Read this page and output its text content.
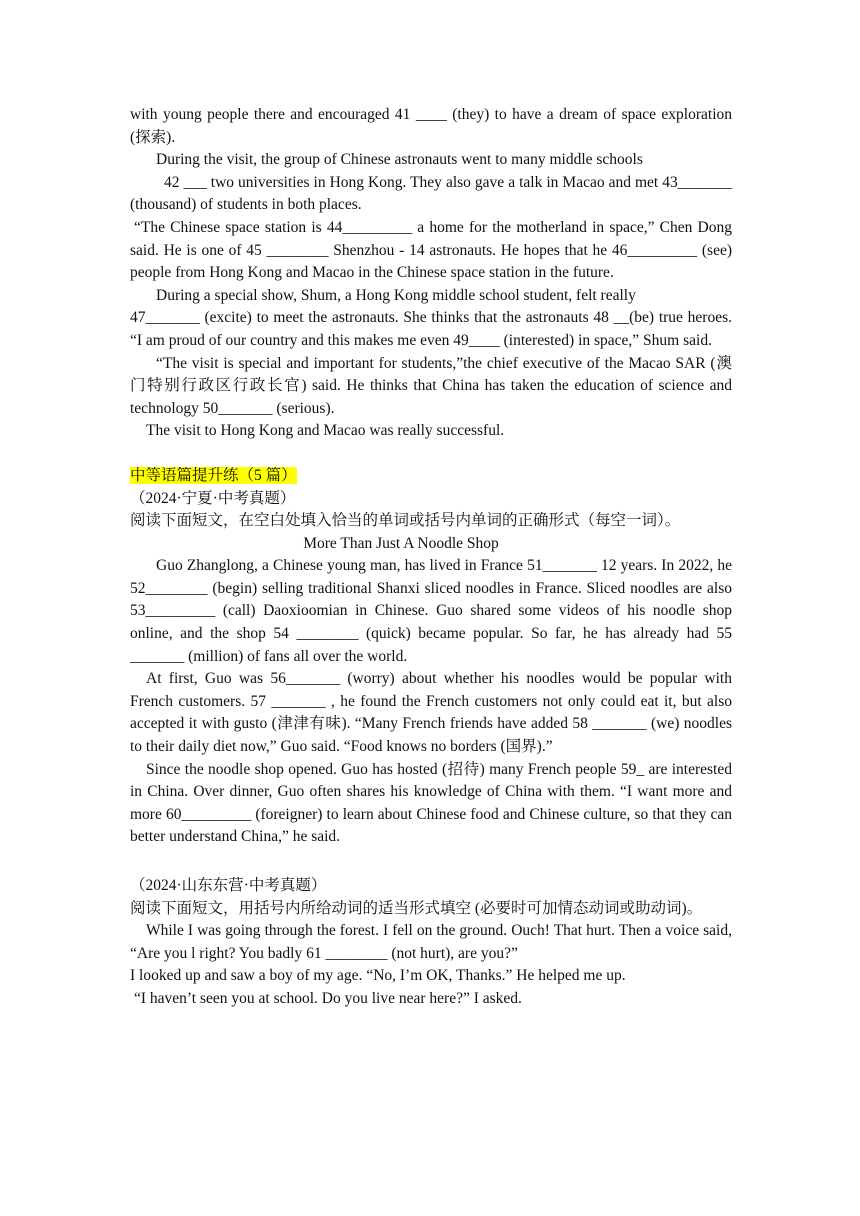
with young people there and encouraged 41 ____ (they) to have a dream of space exploration (探索).

During the visit, the group of Chinese astronauts went to many middle schools

42 ___ two universities in Hong Kong. They also gave a talk in Macao and met 43_______ (thousand) of students in both places.

“The Chinese space station is 44_________ a home for the motherland in space,” Chen Dong said. He is one of 45 ________ Shenzhou - 14 astronauts. He hopes that he 46_________ (see) people from Hong Kong and Macao in the Chinese space station in the future.

During a special show, Shum, a Hong Kong middle school student, felt really

47_______ (excite) to meet the astronauts. She thinks that the astronauts 48 __(be) true heroes. “I am proud of our country and this makes me even 49____ (interested) in space,” Shum said.

“The visit is special and important for students,”the chief executive of the Macao SAR (澳门特别行政区行政长官) said. He thinks that China has taken the education of science and technology 50_______ (serious).

The visit to Hong Kong and Macao was really successful.

中等语篇提升练（5 篇）

（2024·宁夏·中考真题）

阅读下面短文，在空白处填入恰当的单词或括号内单词的正确形式（每空一词）。

More Than Just A Noodle Shop

Guo Zhanglong, a Chinese young man, has lived in France 51_______ 12 years. In 2022, he 52________ (begin) selling traditional Shanxi sliced noodles in France. Sliced noodles are also 53_________ (call) Daoxioomian in Chinese. Guo shared some videos of his noodle shop online, and the shop 54 ________ (quick) became popular. So far, he has already had 55 _______ (million) of fans all over the world.

At first, Guo was 56_______ (worry) about whether his noodles would be popular with French customers. 57 _______ , he found the French customers not only could eat it, but also accepted it with gusto (津津有味). “Many French friends have added 58 _______ (we) noodles to their daily diet now,” Guo said. “Food knows no borders (国界).”

Since the noodle shop opened. Guo has hosted (招待) many French people 59_ are interested in China. Over dinner, Guo often shares his knowledge of China with them. “I want more and more 60_________ (foreigner) to learn about Chinese food and Chinese culture, so that they can better understand China,” he said.

（2024·山东东营·中考真题）

阅读下面短文，用括号内所给动词的适当形式填空 (必要时可加情态动词或助动词)。

While I was going through the forest. I fell on the ground. Ouch! That hurt. Then a voice said, “Are you l right? You badly 61 ________ (not hurt), are you?”

I looked up and saw a boy of my age. “No, I’m OK, Thanks.” He helped me up.

“I haven’t seen you at school. Do you live near here?” I asked.
